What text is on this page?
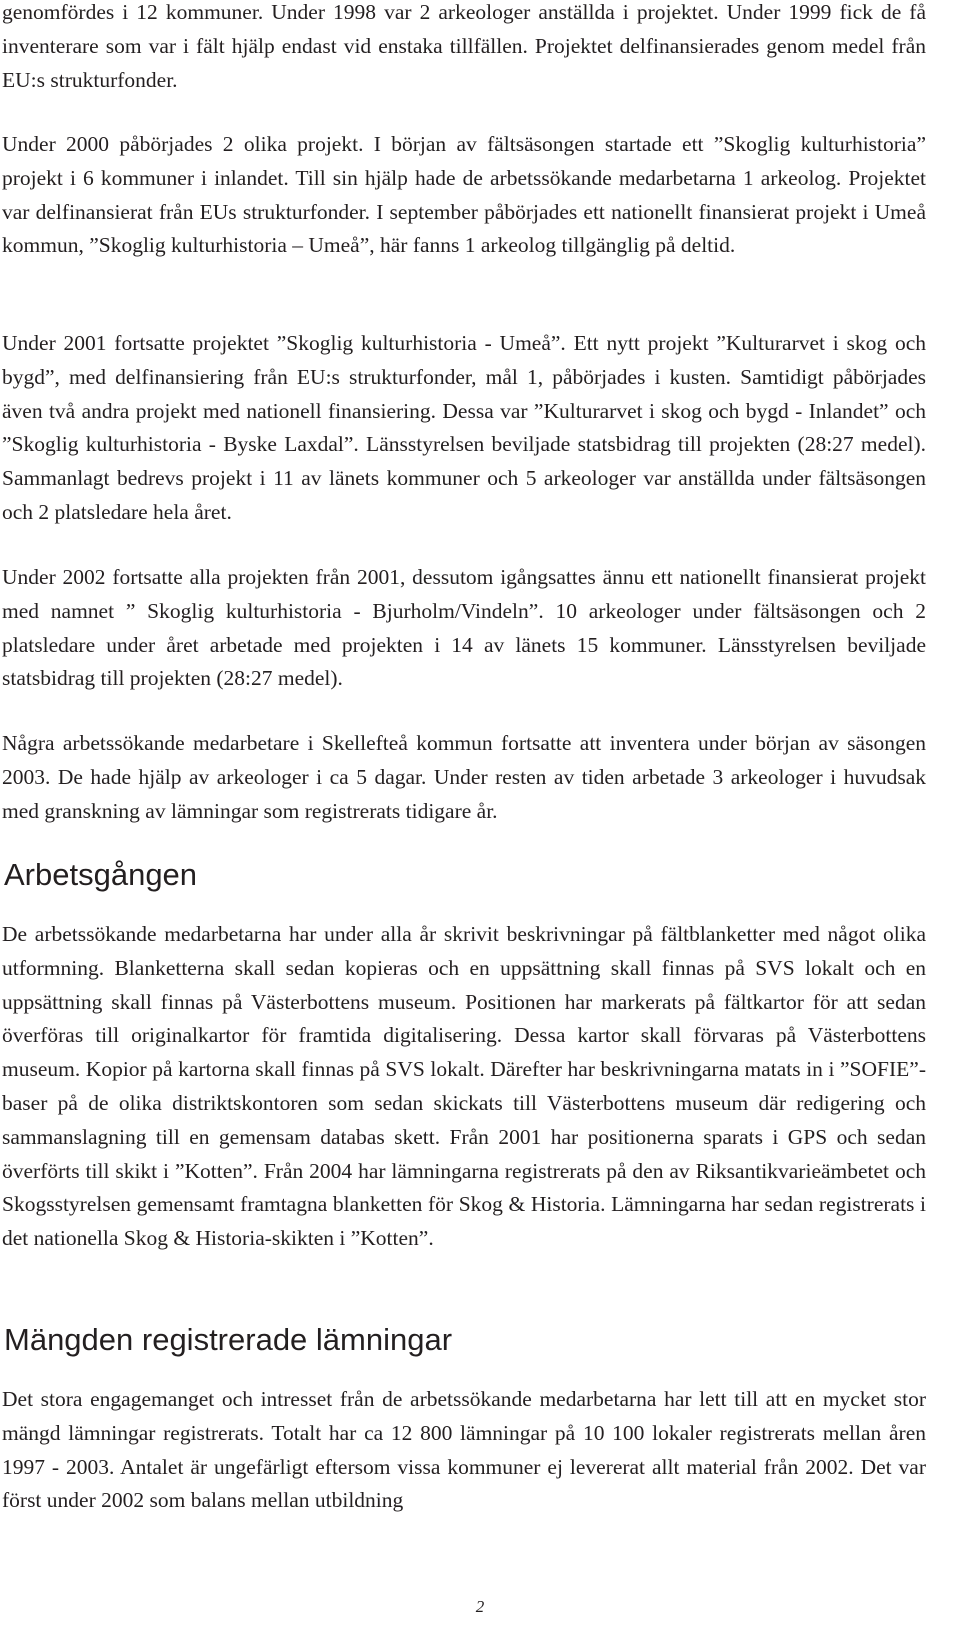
genomfördes i 12 kommuner. Under 1998 var 2 arkeologer anställda i projektet. Under 1999 fick de få inventerare som var i fält hjälp endast vid enstaka tillfällen. Projektet delfinansierades genom medel från EU:s strukturfonder.

Under 2000 påbörjades 2 olika projekt. I början av fältsäsongen startade ett ”Skoglig kulturhistoria” projekt i 6 kommuner i inlandet. Till sin hjälp hade de arbetssökande medarbetarna 1 arkeolog. Projektet var delfinansierat från EUs strukturfonder. I september påbörjades ett nationellt finansierat projekt i Umeå kommun, ”Skoglig kulturhistoria – Umeå”, här fanns 1 arkeolog tillgänglig på deltid.

Under 2001 fortsatte projektet ”Skoglig kulturhistoria - Umeå”. Ett nytt projekt ”Kulturarvet i skog och bygd”, med delfinansiering från EU:s strukturfonder, mål 1, påbörjades i kusten. Samtidigt påbörjades även två andra projekt med nationell finansiering. Dessa var ”Kulturarvet i skog och bygd - Inlandet” och ”Skoglig kulturhistoria - Byske Laxdal”. Länsstyrelsen beviljade statsbidrag till projekten (28:27 medel). Sammanlagt bedrevs projekt i 11 av länets kommuner och 5 arkeologer var anställda under fältsäsongen och 2 platsledare hela året.

Under 2002 fortsatte alla projekten från 2001, dessutom igångsattes ännu ett nationellt finansierat projekt med namnet ” Skoglig kulturhistoria - Bjurholm/Vindeln”. 10 arkeologer under fältsäsongen och 2 platsledare under året arbetade med projekten i 14 av länets 15 kommuner. Länsstyrelsen beviljade statsbidrag till projekten (28:27 medel).

Några arbetssökande medarbetare i Skellefteå kommun fortsatte att inventera under början av säsongen 2003. De hade hjälp av arkeologer i ca 5 dagar. Under resten av tiden arbetade 3 arkeologer i huvudsak med granskning av lämningar som registrerats tidigare år.

Arbetsgången

De arbetssökande medarbetarna har under alla år skrivit beskrivningar på fältblanketter med något olika utformning. Blanketterna skall sedan kopieras och en uppsättning skall finnas på SVS lokalt och en uppsättning skall finnas på Västerbottens museum. Positionen har markerats på fältkartor för att sedan överföras till originalkartor för framtida digitalisering. Dessa kartor skall förvaras på Västerbottens museum. Kopior på kartorna skall finnas på SVS lokalt. Därefter har beskrivningarna matats in i ”SOFIE”- baser på de olika distriktskontoren som sedan skickats till Västerbottens museum där redigering och sammanslagning till en gemensam databas skett. Från 2001 har positionerna sparats i GPS och sedan överförts till skikt i ”Kotten”. Från 2004 har lämningarna registrerats på den av Riksantikvarieämbetet och Skogsstyrelsen gemensamt framtagna blanketten för Skog & Historia. Lämningarna har sedan registrerats i det nationella Skog & Historia-skikten i ”Kotten”.

Mängden registrerade lämningar

Det stora engagemanget och intresset från de arbetssökande medarbetarna har lett till att en mycket stor mängd lämningar registrerats. Totalt har ca 12 800 lämningar på 10 100 lokaler registrerats mellan åren 1997 - 2003. Antalet är ungefärligt eftersom vissa kommuner ej levererat allt material från 2002. Det var först under 2002 som balans mellan utbildning

2
